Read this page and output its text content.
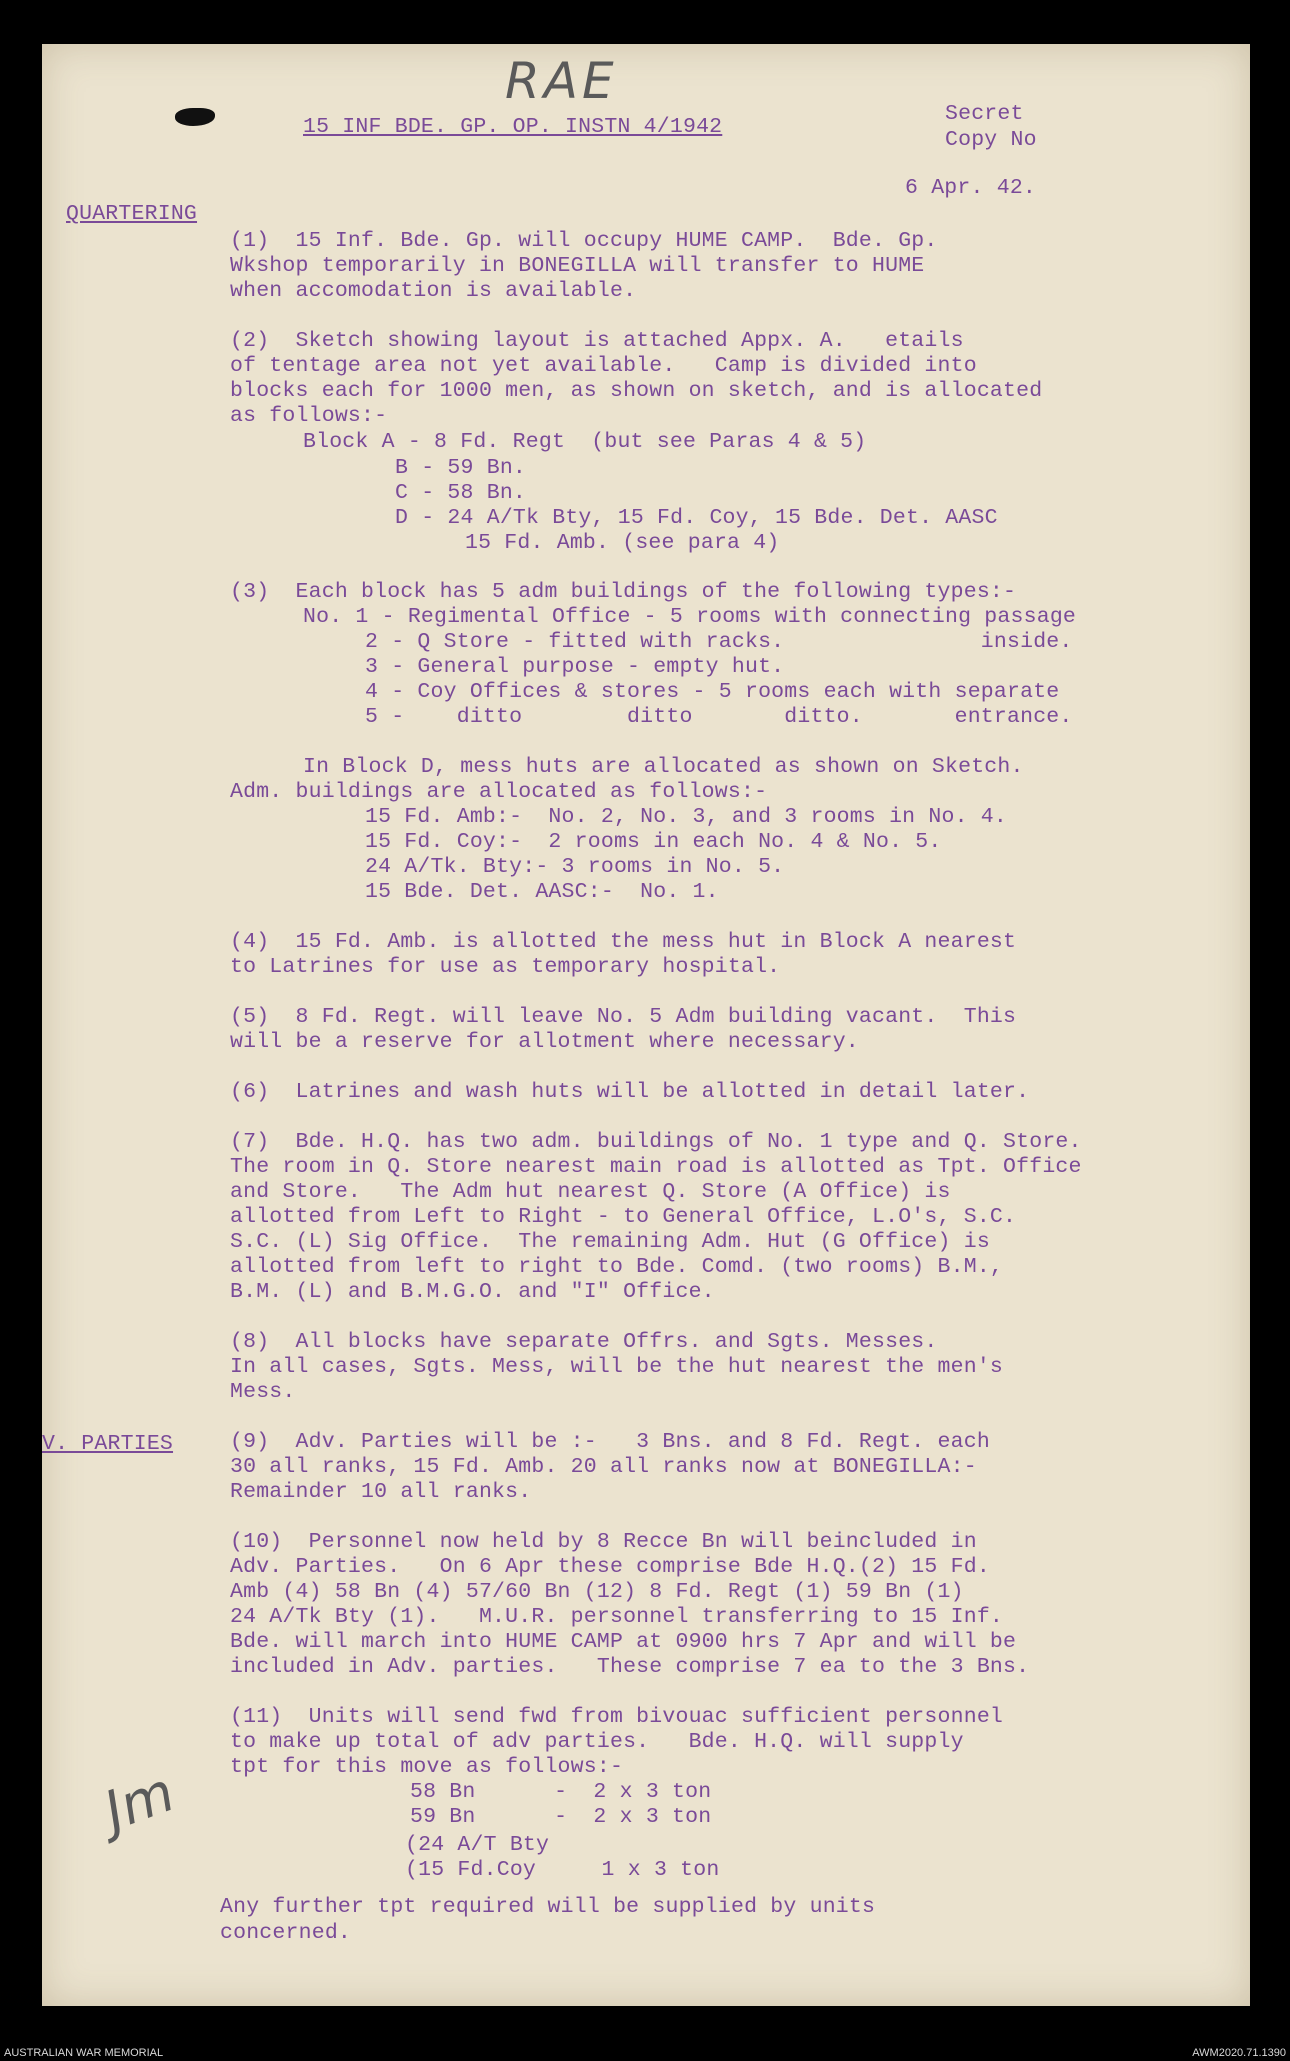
RAE
15 INF BDE. GP. OP. INSTN 4/1942
Secret
Copy No
6 Apr. 42.
QUARTERING
V. PARTIES
(1)  15 Inf. Bde. Gp. will occupy HUME CAMP.  Bde. Gp.
Wkshop temporarily in BONEGILLA will transfer to HUME
when accomodation is available.
(2)  Sketch showing layout is attached Appx. A.   etails
of tentage area not yet available.   Camp is divided into
blocks each for 1000 men, as shown on sketch, and is allocated
as follows:-
Block A - 8 Fd. Regt  (but see Paras 4 & 5)
B - 59 Bn.
C - 58 Bn.
D - 24 A/Tk Bty, 15 Fd. Coy, 15 Bde. Det. AASC
15 Fd. Amb. (see para 4)
(3)  Each block has 5 adm buildings of the following types:-
No. 1 - Regimental Office - 5 rooms with connecting passage
2 - Q Store - fitted with racks.               inside.
3 - General purpose - empty hut.
4 - Coy Offices & stores - 5 rooms each with separate
5 -    ditto        ditto       ditto.       entrance.
In Block D, mess huts are allocated as shown on Sketch.
Adm. buildings are allocated as follows:-
15 Fd. Amb:-  No. 2, No. 3, and 3 rooms in No. 4.
15 Fd. Coy:-  2 rooms in each No. 4 & No. 5.
24 A/Tk. Bty:- 3 rooms in No. 5.
15 Bde. Det. AASC:-  No. 1.
(4)  15 Fd. Amb. is allotted the mess hut in Block A nearest
to Latrines for use as temporary hospital.
(5)  8 Fd. Regt. will leave No. 5 Adm building vacant.  This
will be a reserve for allotment where necessary.
(6)  Latrines and wash huts will be allotted in detail later.
(7)  Bde. H.Q. has two adm. buildings of No. 1 type and Q. Store.
The room in Q. Store nearest main road is allotted as Tpt. Office
and Store.   The Adm hut nearest Q. Store (A Office) is
allotted from Left to Right - to General Office, L.O's, S.C.
S.C. (L) Sig Office.  The remaining Adm. Hut (G Office) is
allotted from left to right to Bde. Comd. (two rooms) B.M.,
B.M. (L) and B.M.G.O. and "I" Office.
(8)  All blocks have separate Offrs. and Sgts. Messes.
In all cases, Sgts. Mess, will be the hut nearest the men's
Mess.
(9)  Adv. Parties will be :-   3 Bns. and 8 Fd. Regt. each
30 all ranks, 15 Fd. Amb. 20 all ranks now at BONEGILLA:-
Remainder 10 all ranks.
(10)  Personnel now held by 8 Recce Bn will beincluded in
Adv. Parties.   On 6 Apr these comprise Bde H.Q.(2) 15 Fd.
Amb (4) 58 Bn (4) 57/60 Bn (12) 8 Fd. Regt (1) 59 Bn (1)
24 A/Tk Bty (1).   M.U.R. personnel transferring to 15 Inf.
Bde. will march into HUME CAMP at 0900 hrs 7 Apr and will be
included in Adv. parties.   These comprise 7 ea to the 3 Bns.
(11)  Units will send fwd from bivouac sufficient personnel
to make up total of adv parties.   Bde. H.Q. will supply
tpt for this move as follows:-
58 Bn      -  2 x 3 ton
59 Bn      -  2 x 3 ton
(24 A/T Bty
(15 Fd.Coy     1 x 3 ton
Any further tpt required will be supplied by units
concerned.
Jm
AUSTRALIAN WAR MEMORIAL	AWM2020.71.1390
